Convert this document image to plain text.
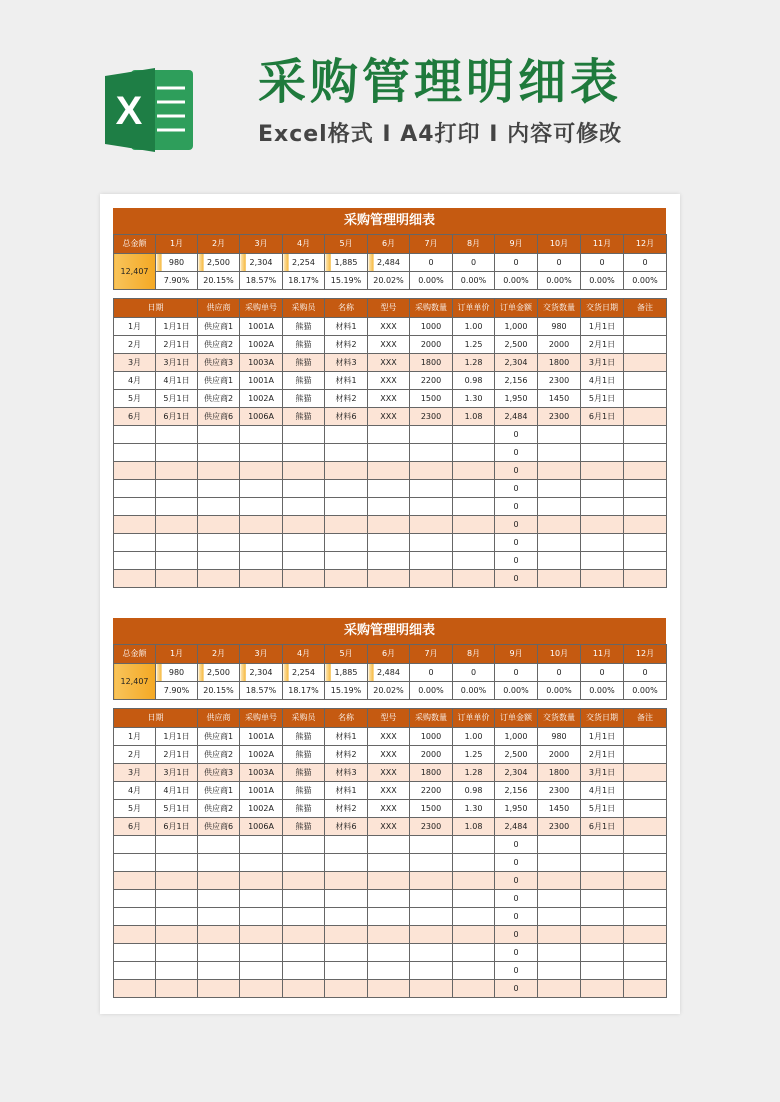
X
采购管理明细表
Excel格式 I A4打印 I 内容可修改
采购管理明细表
总金额	1月	2月	3月	4月	5月	6月	7月	8月	9月	10月	11月	12月
12,407	980	2,500	2,304	2,254	1,885	2,484	0	0	0	0	0	0
	7.90%	20.15%	18.57%	18.17%	15.19%	20.02%	0.00%	0.00%	0.00%	0.00%	0.00%	0.00%
日期		供应商	采购单号	采购员	名称	型号	采购数量	订单单价	订单金额	交货数量	交货日期	备注
1月	1月1日	供应商1	1001A	熊猫	材料1	XXX	1000	1.00	1,000	980	1月1日	
2月	2月1日	供应商2	1002A	熊猫	材料2	XXX	2000	1.25	2,500	2000	2月1日	
3月	3月1日	供应商3	1003A	熊猫	材料3	XXX	1800	1.28	2,304	1800	3月1日	
4月	4月1日	供应商1	1001A	熊猫	材料1	XXX	2200	0.98	2,156	2300	4月1日	
5月	5月1日	供应商2	1002A	熊猫	材料2	XXX	1500	1.30	1,950	1450	5月1日	
6月	6月1日	供应商6	1006A	熊猫	材料6	XXX	2300	1.08	2,484	2300	6月1日	
									0			
									0			
									0			
									0			
									0			
									0			
									0			
									0			
									0			
采购管理明细表
总金额	1月	2月	3月	4月	5月	6月	7月	8月	9月	10月	11月	12月
12,407	980	2,500	2,304	2,254	1,885	2,484	0	0	0	0	0	0
	7.90%	20.15%	18.57%	18.17%	15.19%	20.02%	0.00%	0.00%	0.00%	0.00%	0.00%	0.00%
日期		供应商	采购单号	采购员	名称	型号	采购数量	订单单价	订单金额	交货数量	交货日期	备注
1月	1月1日	供应商1	1001A	熊猫	材料1	XXX	1000	1.00	1,000	980	1月1日	
2月	2月1日	供应商2	1002A	熊猫	材料2	XXX	2000	1.25	2,500	2000	2月1日	
3月	3月1日	供应商3	1003A	熊猫	材料3	XXX	1800	1.28	2,304	1800	3月1日	
4月	4月1日	供应商1	1001A	熊猫	材料1	XXX	2200	0.98	2,156	2300	4月1日	
5月	5月1日	供应商2	1002A	熊猫	材料2	XXX	1500	1.30	1,950	1450	5月1日	
6月	6月1日	供应商6	1006A	熊猫	材料6	XXX	2300	1.08	2,484	2300	6月1日	
									0			
									0			
									0			
									0			
									0			
									0			
									0			
									0			
									0			
